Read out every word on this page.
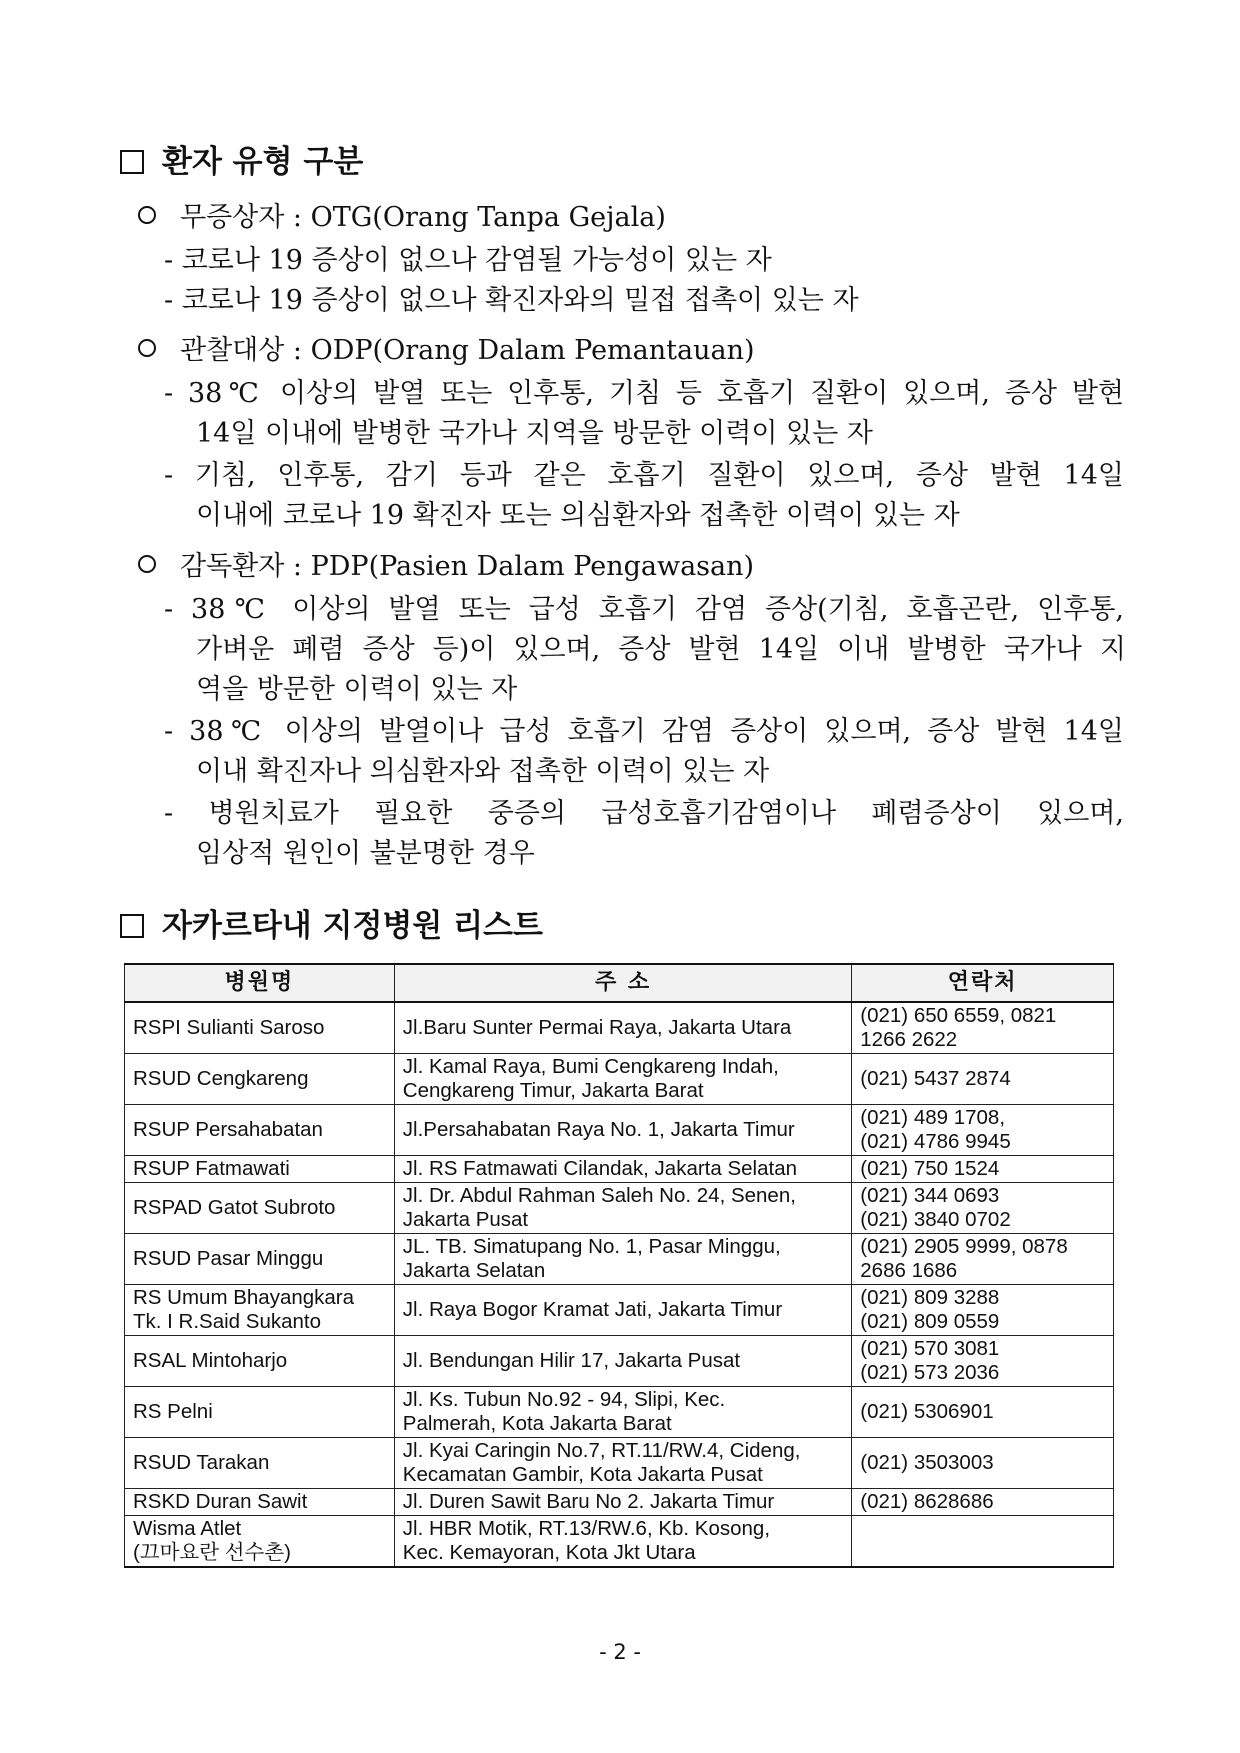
환자 유형 구분
무증상자 : OTG(Orang Tanpa Gejala)
- 코로나 19 증상이 없으나 감염될 가능성이 있는 자
- 코로나 19 증상이 없으나 확진자와의 밀접 접촉이 있는 자
관찰대상 : ODP(Orang Dalam Pemantauan)
- 38℃ 이상의 발열 또는 인후통, 기침 등 호흡기 질환이 있으며, 증상 발현
14일 이내에 발병한 국가나 지역을 방문한 이력이 있는 자
- 기침, 인후통, 감기 등과 같은 호흡기 질환이 있으며, 증상 발현 14일
이내에 코로나 19 확진자 또는 의심환자와 접촉한 이력이 있는 자
감독환자 : PDP(Pasien Dalam Pengawasan)
- 38℃ 이상의 발열 또는 급성 호흡기 감염 증상(기침, 호흡곤란, 인후통,
가벼운 폐렴 증상 등)이 있으며, 증상 발현 14일 이내 발병한 국가나 지
역을 방문한 이력이 있는 자
- 38℃ 이상의 발열이나 급성 호흡기 감염 증상이 있으며, 증상 발현 14일
이내 확진자나 의심환자와 접촉한 이력이 있는 자
- 병원치료가 필요한 중증의 급성호흡기감염이나 폐렴증상이 있으며,
임상적 원인이 불분명한 경우
자카르타내 지정병원 리스트
병원명	주 소	연락처

RSPI Sulianti Saroso	Jl.Baru Sunter Permai Raya, Jakarta Utara	(021) 650 6559, 0821
1266 2622

RSUD Cengkareng	Jl. Kamal Raya, Bumi Cengkareng Indah,
Cengkareng Timur, Jakarta Barat	(021) 5437 2874

RSUP Persahabatan	Jl.Persahabatan Raya No. 1, Jakarta Timur	(021) 489 1708,
(021) 4786 9945

RSUP Fatmawati	Jl. RS Fatmawati Cilandak, Jakarta Selatan	(021) 750 1524

RSPAD Gatot Subroto	Jl. Dr. Abdul Rahman Saleh No. 24, Senen,
Jakarta Pusat	(021) 344 0693
(021) 3840 0702

RSUD Pasar Minggu	JL. TB. Simatupang No. 1, Pasar Minggu,
Jakarta Selatan	(021) 2905 9999, 0878
2686 1686

RS Umum Bhayangkara
Tk. I R.Said Sukanto	Jl. Raya Bogor Kramat Jati, Jakarta Timur	(021) 809 3288
(021) 809 0559

RSAL Mintoharjo	Jl. Bendungan Hilir 17, Jakarta Pusat	(021) 570 3081
(021) 573 2036

RS Pelni	Jl. Ks. Tubun No.92 - 94, Slipi, Kec.
Palmerah, Kota Jakarta Barat	(021) 5306901

RSUD Tarakan	Jl. Kyai Caringin No.7, RT.11/RW.4, Cideng,
Kecamatan Gambir, Kota Jakarta Pusat	(021) 3503003

RSKD Duran Sawit	Jl. Duren Sawit Baru No 2. Jakarta Timur	(021) 8628686

Wisma Atlet
(끄마요란 선수촌)	Jl. HBR Motik, RT.13/RW.6, Kb. Kosong,
Kec. Kemayoran, Kota Jkt Utara	

- 2 -
